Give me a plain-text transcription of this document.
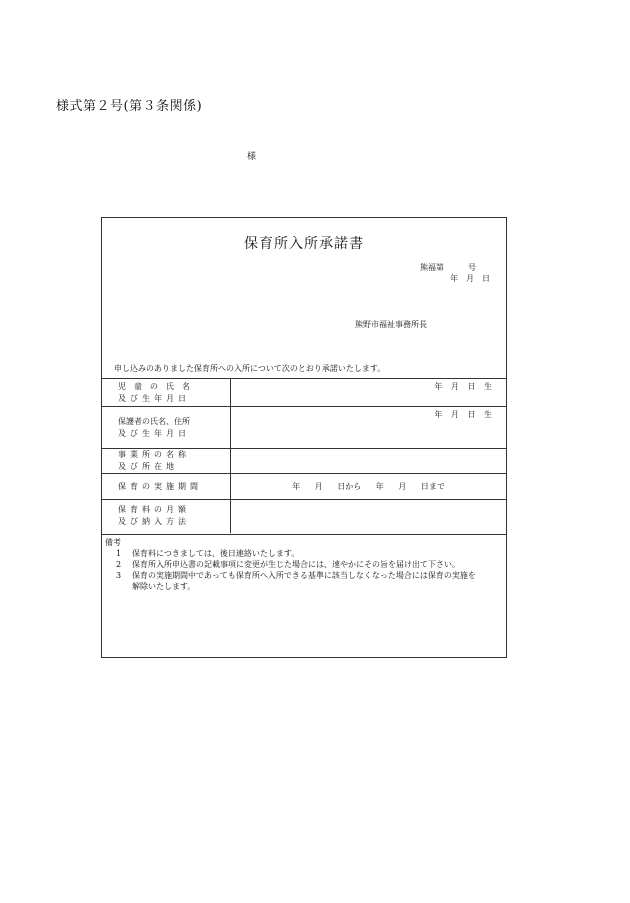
様式第２号(第３条関係)
様
保育所入所承諾書
熊福第　　　号
年　月　日
熊野市福祉事務所長
申し込みのありました保育所への入所について次のとおり承諾いたします。
児　童　の　氏　名
及び生年月日	年 月 日 生

保護者の氏名、住所
及び生年月日	年 月 日 生

事業所の名称
及び所在地	

保育の実施期間	年 月 日から 年 月 日まで

保育料の月額
及び納入方法	

備考
1	保育料につきましては、後日連絡いたします。
2	保育所入所申込書の記載事項に変更が生じた場合には、速やかにその旨を届け出て下さい。
3	保育の実施期間中であっても保育所へ入所できる基準に該当しなくなった場合には保育の実施を解除いたします。
